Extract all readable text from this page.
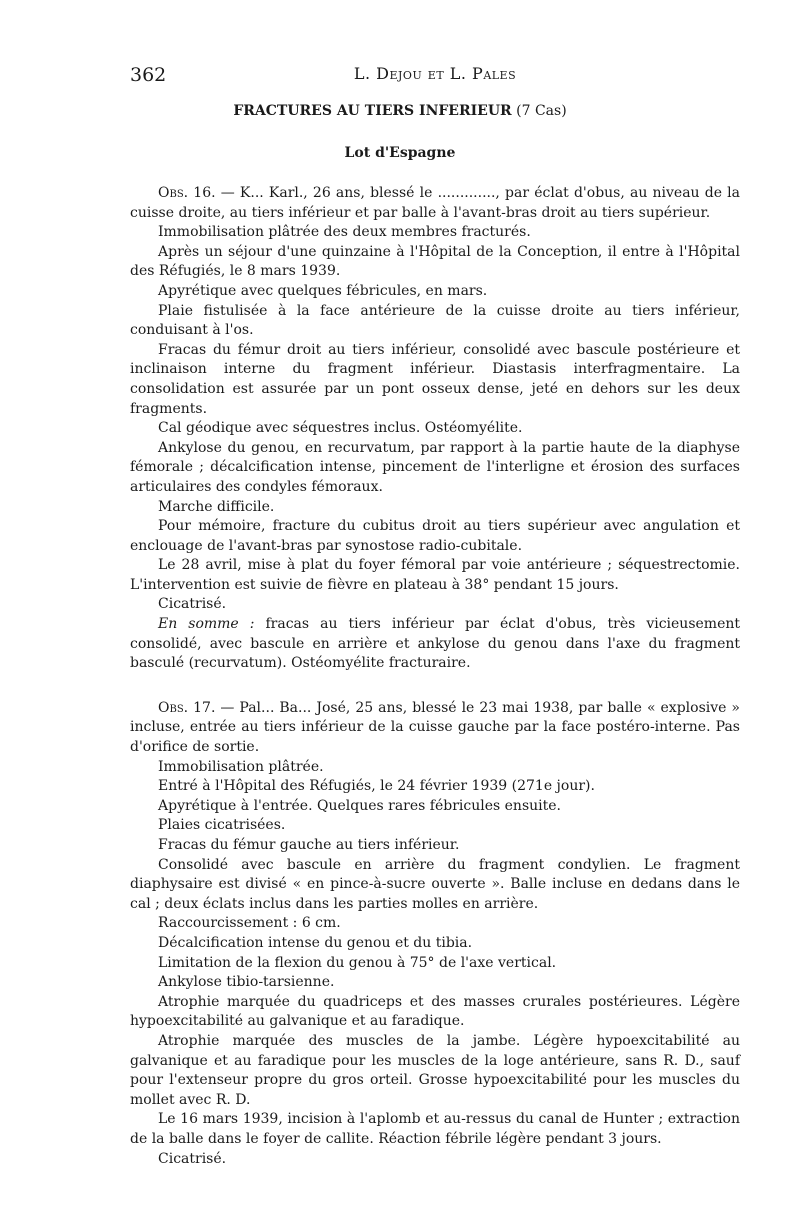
362	L. Dejou et L. Pales
FRACTURES AU TIERS INFERIEUR (7 Cas)
Lot d'Espagne

Obs. 16. — K... Karl., 26 ans, blessé le ............., par éclat d'obus, au niveau de la cuisse droite, au tiers inférieur et par balle à l'avant-bras droit au tiers supérieur.

Immobilisation plâtrée des deux membres fracturés.

Après un séjour d'une quinzaine à l'Hôpital de la Conception, il entre à l'Hôpital des Réfugiés, le 8 mars 1939.

Apyrétique avec quelques fébricules, en mars.

Plaie fistulisée à la face antérieure de la cuisse droite au tiers inférieur, conduisant à l'os.

Fracas du fémur droit au tiers inférieur, consolidé avec bascule postérieure et inclinaison interne du fragment inférieur. Diastasis interfragmentaire. La consolidation est assurée par un pont osseux dense, jeté en dehors sur les deux fragments.

Cal géodique avec séquestres inclus. Ostéomyélite.

Ankylose du genou, en recurvatum, par rapport à la partie haute de la diaphyse fémorale ; décalcification intense, pincement de l'interligne et érosion des surfaces articulaires des condyles fémoraux.

Marche difficile.

Pour mémoire, fracture du cubitus droit au tiers supérieur avec angulation et enclouage de l'avant-bras par synostose radio-cubitale.

Le 28 avril, mise à plat du foyer fémoral par voie antérieure ; séquestrectomie. L'intervention est suivie de fièvre en plateau à 38° pendant 15 jours.

Cicatrisé.

En somme : fracas au tiers inférieur par éclat d'obus, très vicieusement consolidé, avec bascule en arrière et ankylose du genou dans l'axe du fragment basculé (recurvatum). Ostéomyélite fracturaire.

Obs. 17. — Pal... Ba... José, 25 ans, blessé le 23 mai 1938, par balle « explosive » incluse, entrée au tiers inférieur de la cuisse gauche par la face postéro-interne. Pas d'orifice de sortie.

Immobilisation plâtrée.

Entré à l'Hôpital des Réfugiés, le 24 février 1939 (271e jour).

Apyrétique à l'entrée. Quelques rares fébricules ensuite.

Plaies cicatrisées.

Fracas du fémur gauche au tiers inférieur.

Consolidé avec bascule en arrière du fragment condylien. Le fragment diaphysaire est divisé « en pince-à-sucre ouverte ». Balle incluse en dedans dans le cal ; deux éclats inclus dans les parties molles en arrière.

Raccourcissement : 6 cm.

Décalcification intense du genou et du tibia.

Limitation de la flexion du genou à 75° de l'axe vertical.

Ankylose tibio-tarsienne.

Atrophie marquée du quadriceps et des masses crurales postérieures. Légère hypoexcitabilité au galvanique et au faradique.

Atrophie marquée des muscles de la jambe. Légère hypoexcitabilité au galvanique et au faradique pour les muscles de la loge antérieure, sans R. D., sauf pour l'extenseur propre du gros orteil. Grosse hypoexcitabilité pour les muscles du mollet avec R. D.

Le 16 mars 1939, incision à l'aplomb et au-ressus du canal de Hunter ; extraction de la balle dans le foyer de callite. Réaction fébrile légère pendant 3 jours.

Cicatrisé.
